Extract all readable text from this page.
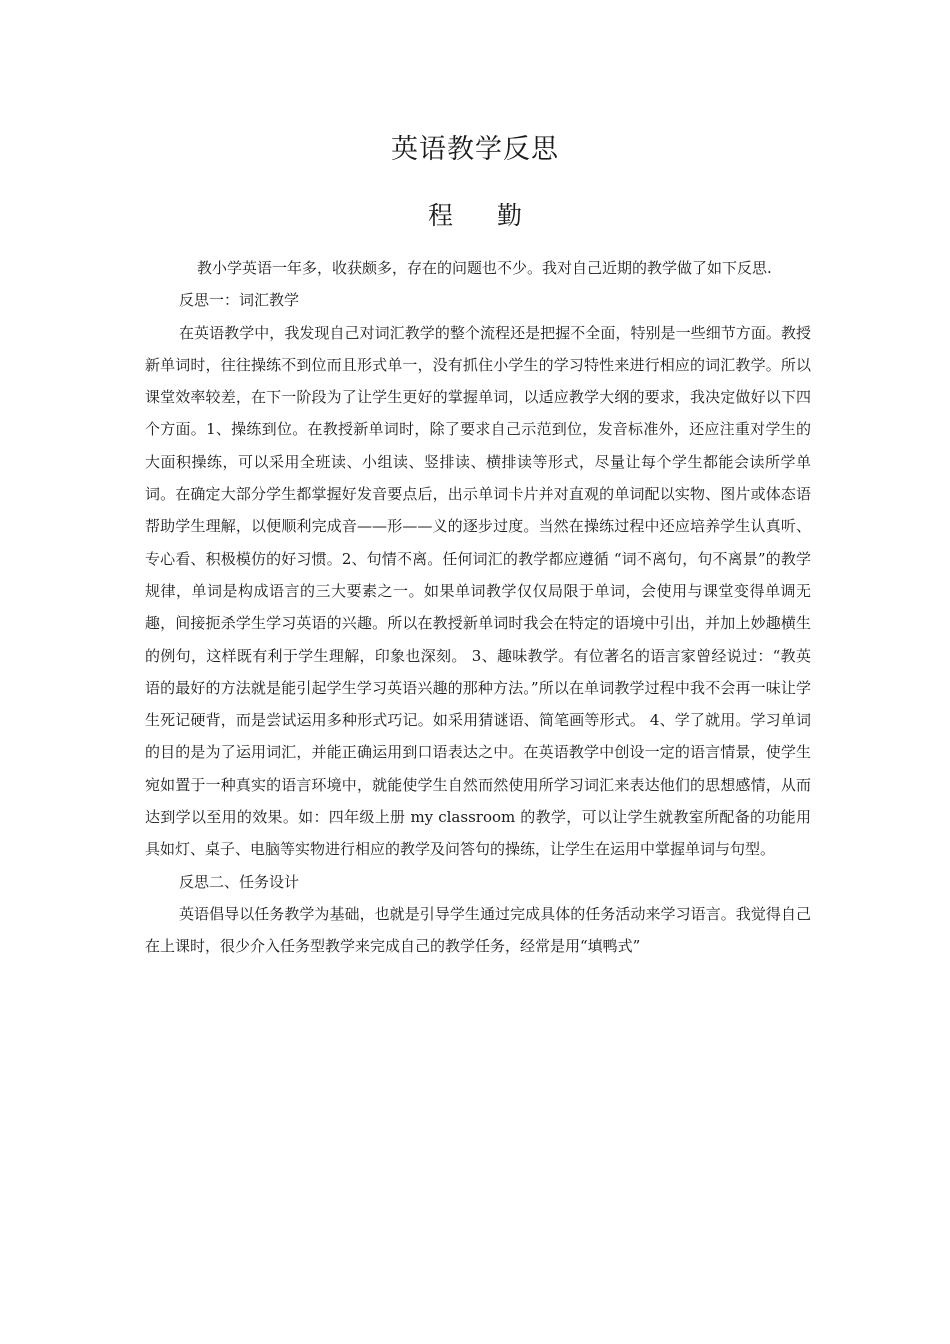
英语教学反思
程 勤

教小学英语一年多，收获颇多，存在的问题也不少。我对自己近期的教学做了如下反思.

反思一：词汇教学

在英语教学中，我发现自己对词汇教学的整个流程还是把握不全面，特别是一些细节方面。教授新单词时，往往操练不到位而且形式单一，没有抓住小学生的学习特性来进行相应的词汇教学。所以课堂效率较差，在下一阶段为了让学生更好的掌握单词，以适应教学大纲的要求，我决定做好以下四个方面。1、操练到位。在教授新单词时，除了要求自己示范到位，发音标准外，还应注重对学生的大面积操练，可以采用全班读、小组读、竖排读、横排读等形式，尽量让每个学生都能会读所学单词。在确定大部分学生都掌握好发音要点后，出示单词卡片并对直观的单词配以实物、图片或体态语帮助学生理解，以便顺利完成音——形——义的逐步过度。当然在操练过程中还应培养学生认真听、专心看、积极模仿的好习惯。2、句情不离。任何词汇的教学都应遵循 “词不离句，句不离景”的教学规律，单词是构成语言的三大要素之一。如果单词教学仅仅局限于单词，会使用与课堂变得单调无趣，间接扼杀学生学习英语的兴趣。所以在教授新单词时我会在特定的语境中引出，并加上妙趣横生的例句，这样既有利于学生理解，印象也深刻。 3、趣味教学。有位著名的语言家曾经说过：“教英语的最好的方法就是能引起学生学习英语兴趣的那种方法。”所以在单词教学过程中我不会再一味让学生死记硬背，而是尝试运用多种形式巧记。如采用猜谜语、简笔画等形式。 4、学了就用。学习单词的目的是为了运用词汇，并能正确运用到口语表达之中。在英语教学中创设一定的语言情景，使学生宛如置于一种真实的语言环境中，就能使学生自然而然使用所学习词汇来表达他们的思想感情，从而达到学以至用的效果。如：四年级上册 my classroom 的教学，可以让学生就教室所配备的功能用具如灯、桌子、电脑等实物进行相应的教学及问答句的操练，让学生在运用中掌握单词与句型。

反思二、任务设计

英语倡导以任务教学为基础，也就是引导学生通过完成具体的任务活动来学习语言。我觉得自己在上课时，很少介入任务型教学来完成自己的教学任务，经常是用“填鸭式”
